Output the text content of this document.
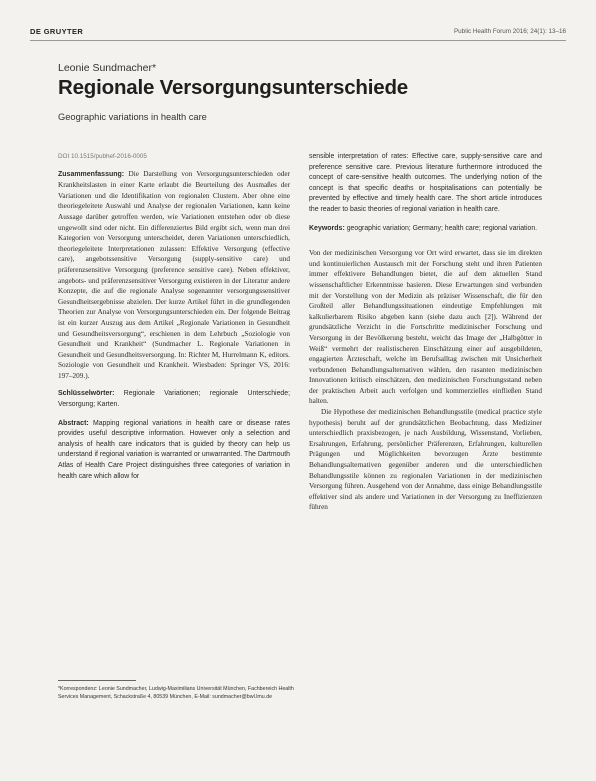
DE GRUYTER	Public Health Forum 2016; 24(1): 13–16
Leonie Sundmacher*
Regionale Versorgungsunterschiede
Geographic variations in health care
DOI 10.1515/pubhef-2016-0005

Zusammenfassung: Die Darstellung von Versorgungsunterschieden oder Krankheitslasten in einer Karte erlaubt die Beurteilung des Ausmaßes der Variationen und die Identifikation von regionalen Clustern. Aber ohne eine theoriegeleitete Auswahl und Analyse der regionalen Variationen, kann keine Aussage darüber getroffen werden, wie Variationen entstehen oder ob diese ungewollt sind oder nicht. Ein differenziertes Bild ergibt sich, wenn man drei Kategorien von Versorgung unterscheidet, deren Variationen unterschiedlich, theoriegeleitete Interpretationen zulassen: Effektive Versorgung (effective care), angebotssensitive Versorgung (supply-sensitive care) und präferenzsensitive Versorgung (preference sensitive care). Neben effektiver, angebots- und präferenzsensitiver Versorgung existieren in der Literatur andere Konzepte, die auf die regionale Analyse sogenannter versorgungssensitiver Gesundheitsergebnisse abzielen. Der kurze Artikel führt in die grundlegenden Theorien zur Analyse von Versorgungsunterschieden ein. Der folgende Beitrag ist ein kurzer Auszug aus dem Artikel „Regionale Variationen in Gesundheit und Gesundheitsversorgung“, erschienen in dem Lehrbuch „Soziologie von Gesundheit und Krankheit“ (Sundmacher L. Regionale Variationen in Gesundheit und Gesundheitsversorgung. In: Richter M, Hurrelmann K, editors. Soziologie von Gesundheit und Krankheit. Wiesbaden: Springer VS, 2016: 197–209.).

Schlüsselwörter: Regionale Variationen; regionale Unterschiede; Versorgung; Karten.

Abstract: Mapping regional variations in health care or disease rates provides useful descriptive information. However only a selection and analysis of health care indicators that is guided by theory can help us understand if regional variation is warranted or unwarranted. The Dartmouth Atlas of Health Care Project distinguishes three categories of variation in health care which allow for

sensible interpretation of rates: Effective care, supply-sensitive care and preference sensitive care. Previous literature furthermore introduced the concept of care-sensitive health outcomes. The underlying notion of the concept is that specific deaths or hospitalisations can potentially be prevented by effective and timely health care. The short article introduces the reader to basic theories of regional variation in health care.

Keywords: geographic variation; Germany; health care; regional variation.

Von der medizinischen Versorgung vor Ort wird erwartet, dass sie im direkten und kontinuierlichen Austausch mit der Forschung steht und ihren Patienten immer effektivere Behandlungen bietet, die auf dem aktuellen Stand wissenschaftlicher Erkenntnisse basieren. Diese Erwartungen sind verbunden mit der Vorstellung von der Medizin als präziser Wissenschaft, die für den Großteil aller Behandlungssituationen eindeutige Empfehlungen mit kalkulierbarem Risiko abgeben kann (siehe dazu auch [2]). Während der grundsätzliche Verzicht in die Fortschritte medizinischer Forschung und Versorgung in der Bevölkerung besteht, weicht das Image der „Halbgötter in Weiß“ vermehrt der realistischeren Einschätzung einer auf ausgebildeten, engagierten Ärzteschaft, welche im Berufsalltag zwischen mit Unsicherheit verbundenen Behandlungsalternativen wählen, den rasanten medizinischen Innovationen kritisch einschätzen, den medizinischen Forschungsstand neben der praktischen Arbeit auch verfolgen und kommerzielles einfließen Stand halten.

Die Hypothese der medizinischen Behandlungsstile (medical practice style hypothesis) beruht auf der grundsätzlichen Beobachtung, dass Mediziner unterschiedlich praxisbezogen, je nach Ausbildung, Wissenstand, Vorlieben, Ersahrungen, Erfahrung, persönlicher Präferenzen, Erfahrungen, kulturellen Prägungen und Möglichkeiten bevorzugen Ärzte bestimmte Behandlungsalternativen gegenüber anderen und die unterschiedlichen Behandlungsstile können zu regionalen Variationen in der medizinischen Versorgung führen. Ausgehend von der Annahme, dass einige Behandlungsstile effektiver sind als andere und Variationen in der Versorgung zu Ineffizienzen führen

*Korrespondenz: Leonie Sundmacher, Ludwig-Maximilians Universität München, Fachbereich Health Services Management, Schackstraße 4, 80539 München, E-Mail: sundmacher@bwl.lmu.de
